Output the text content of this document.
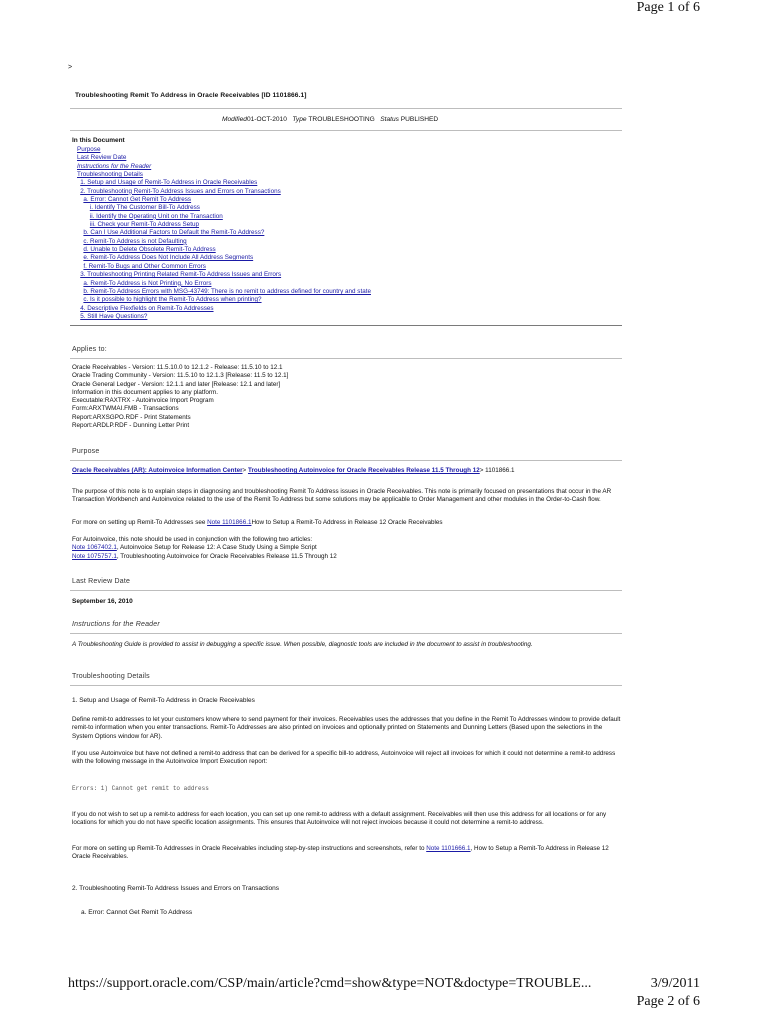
Page 1 of 6
>
Troubleshooting Remit To Address in Oracle Receivables [ID 1101866.1]
Modified01-OCT-2010 Type TROUBLESHOOTING Status PUBLISHED
In this Document
Purpose
Last Review Date
Instructions for the Reader
Troubleshooting Details
1. Setup and Usage of Remit-To Address in Oracle Receivables
2. Troubleshooting Remit-To Address Issues and Errors on Transactions
a. Error: Cannot Get Remit To Address
i. Identify The Customer Bill-To Address
ii. Identify the Operating Unit on the Transaction
iii. Check your Remit-To Address Setup
b. Can I Use Additional Factors to Default the Remit-To Address?
c. Remit-To Address is not Defaulting
d. Unable to Delete Obsolete Remit-To Address
e. Remit-To Address Does Not Include All Address Segments
f. Remit-To Bugs and Other Common Errors
3. Troubleshooting Printing Related Remit-To Address Issues and Errors
a. Remit-To Address is Not Printing, No Errors
b. Remit-To Address Errors with MSG-43749: There is no remit to address defined for country and state
c. Is it possible to highlight the Remit-To Address when printing?
4. Descriptive Flexfields on Remit-To Addresses
5. Still Have Questions?
Applies to:
Oracle Receivables - Version: 11.5.10.0 to 12.1.2 - Release: 11.5.10 to 12.1
Oracle Trading Community - Version: 11.5.10 to 12.1.3 [Release: 11.5 to 12.1]
Oracle General Ledger - Version: 12.1.1 and later [Release: 12.1 and later]
Information in this document applies to any platform.
Executable:RAXTRX - Autoinvoice Import Program
Form:ARXTWMAI.FMB - Transactions
Report:ARXSGPO.RDF - Print Statements
Report:ARDLP.RDF - Dunning Letter Print
Purpose
Oracle Receivables (AR): Autoinvoice Information Center> Troubleshooting Autoinvoice for Oracle Receivables Release 11.5 Through 12> 1101866.1
The purpose of this note is to explain steps in diagnosing and troubleshooting Remit To Address issues in Oracle Receivables. This note is primarily focused on presentations that occur in the AR Transaction Workbench and Autoinvoice related to the use of the Remit To Address but some solutions may be applicable to Order Management and other modules in the Order-to-Cash flow.
For more on setting up Remit-To Addresses see Note 1101866.1How to Setup a Remit-To Address in Release 12 Oracle Receivables
For Autoinvoice, this note should be used in conjunction with the following two articles:
Note 1067402.1, Autoinvoice Setup for Release 12: A Case Study Using a Simple Script
Note 1075757.1, Troubleshooting Autoinvoice for Oracle Receivables Release 11.5 Through 12
Last Review Date
September 16, 2010
Instructions for the Reader
A Troubleshooting Guide is provided to assist in debugging a specific issue. When possible, diagnostic tools are included in the document to assist in troubleshooting.
Troubleshooting Details
1. Setup and Usage of Remit-To Address in Oracle Receivables
Define remit-to addresses to let your customers know where to send payment for their invoices. Receivables uses the addresses that you define in the Remit To Addresses window to provide default remit-to information when you enter transactions. Remit-To Addresses are also printed on invoices and optionally printed on Statements and Dunning Letters (Based upon the selections in the System Options window for AR).
If you use Autoinvoice but have not defined a remit-to address that can be derived for a specific bill-to address, Autoinvoice will reject all invoices for which it could not determine a remit-to address with the following message in the Autoinvoice Import Execution report:
Errors: 1) Cannot get remit to address
If you do not wish to set up a remit-to address for each location, you can set up one remit-to address with a default assignment. Receivables will then use this address for all locations or for any locations for which you do not have specific location assignments. This ensures that Autoinvoice will not reject invoices because it could not determine a remit-to address.
For more on setting up Remit-To Addresses in Oracle Receivables including step-by-step instructions and screenshots, refer to Note 1101666.1, How to Setup a Remit-To Address in Release 12 Oracle Receivables.
2. Troubleshooting Remit-To Address Issues and Errors on Transactions
a. Error: Cannot Get Remit To Address
https://support.oracle.com/CSP/main/article?cmd=show&type=NOT&doctype=TROUBLE...	3/9/2011
Page 2 of 6
